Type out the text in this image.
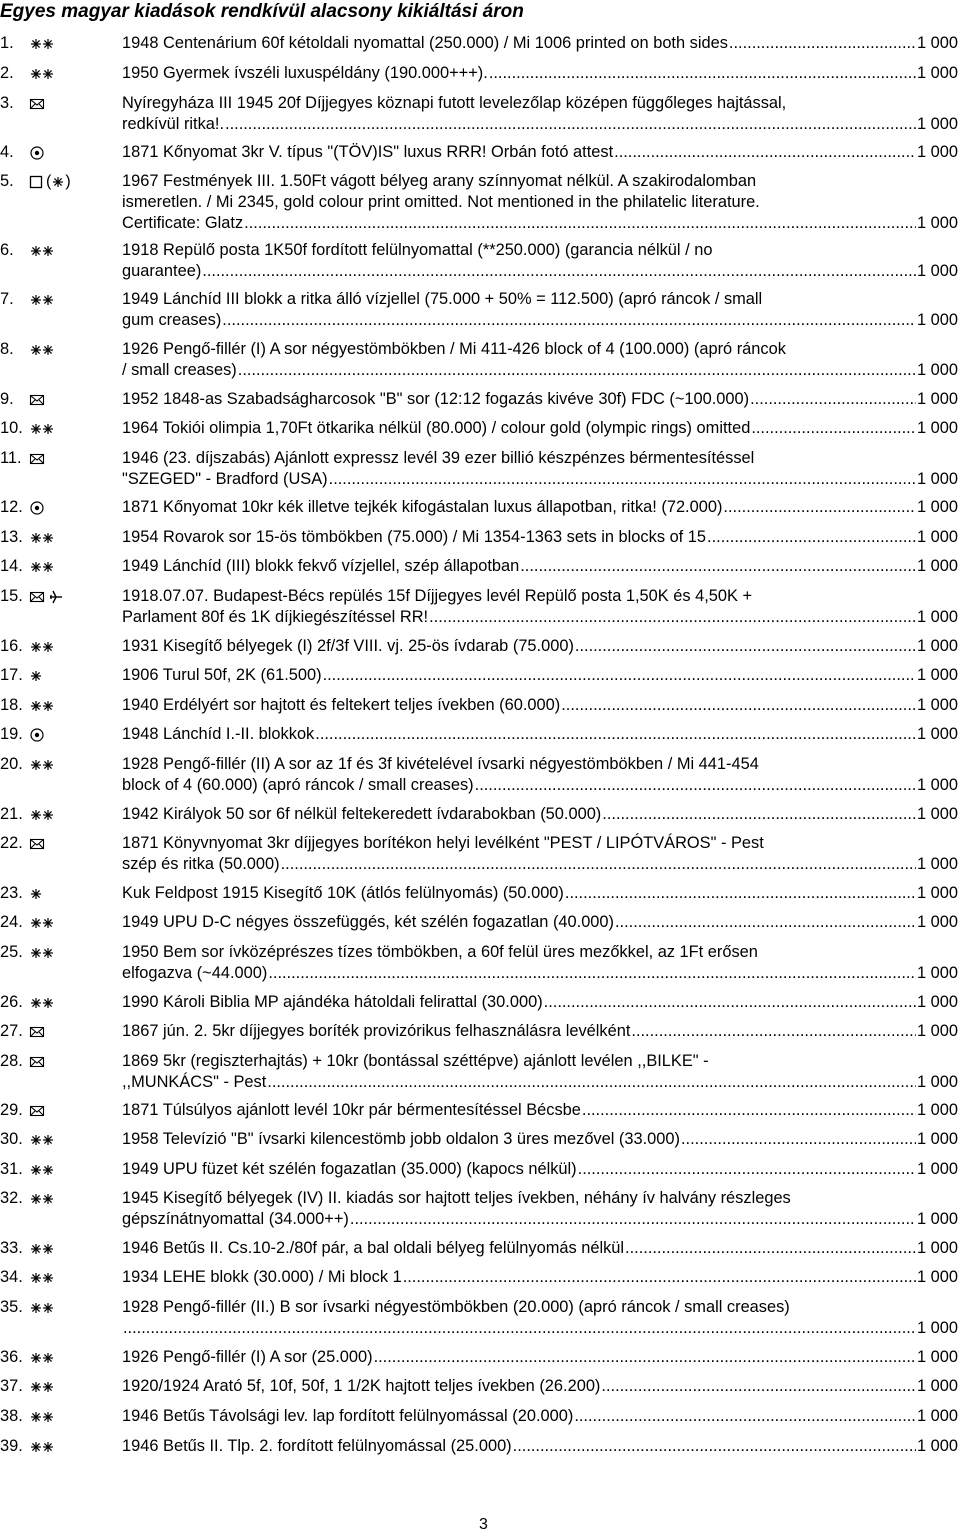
Egyes magyar kiadások rendkívül alacsony kikiáltási áron
1.	1948 Centenárium 60f kétoldali nyomattal (250.000) / Mi 1006 printed on both sides .....	1 000
2.	1950 Gyermek ívszéli luxuspéldány (190.000+++). .....	1 000
3.	Nyíregyháza III 1945 20f Díjjegyes köznapi futott levelezőlap középen függőleges hajtással,
redkívül ritka!. .....	1 000
4.	1871 Kőnyomat 3kr V. típus "(TÖV)IS" luxus RRR! Orbán fotó attest .....	1 000
5.	( )	1967 Festmények III. 1.50Ft vágott bélyeg arany színnyomat nélkül. A szakirodalomban
ismeretlen. / Mi 2345, gold colour print omitted. Not mentioned in the philatelic literature.
Certificate: Glatz .....	1 000
6.	1918 Repülő posta 1K50f fordított felülnyomattal (**250.000) (garancia nélkül / no
guarantee) .....	1 000
7.	1949 Lánchíd III blokk a ritka álló vízjellel (75.000 + 50% = 112.500) (apró ráncok / small
gum creases) .....	1 000
8.	1926 Pengő-fillér (I) A sor négyestömbökben / Mi 411-426 block of 4 (100.000) (apró ráncok
/ small creases) .....	1 000
9.	1952 1848-as Szabadságharcosok "B" sor (12:12 fogazás kivéve 30f) FDC (~100.000) .....	1 000
10.	1964 Tokiói olimpia 1,70Ft ötkarika nélkül (80.000) / colour gold (olympic rings) omitted .....	1 000
11.	1946 (23. díjszabás) Ajánlott expressz levél 39 ezer billió készpénzes bérmentesítéssel
"SZEGED" - Bradford (USA) .....	1 000
12.	1871 Kőnyomat 10kr kék illetve tejkék kifogástalan luxus állapotban, ritka! (72.000) .....	1 000
13.	1954 Rovarok sor 15-ös tömbökben (75.000) / Mi 1354-1363 sets in blocks of 15 .....	1 000
14.	1949 Lánchíd (III) blokk fekvő vízjellel, szép állapotban .....	1 000
15.	1918.07.07. Budapest-Bécs repülés 15f Díjjegyes levél Repülő posta 1,50K és 4,50K +
Parlament 80f és 1K díjkiegészítéssel RR! .....	1 000
16.	1931 Kisegítő bélyegek (I) 2f/3f VIII. vj. 25-ös ívdarab (75.000) .....	1 000
17.	1906 Turul 50f, 2K (61.500) .....	1 000
18.	1940 Erdélyért sor hajtott és feltekert teljes ívekben (60.000) .....	1 000
19.	1948 Lánchíd I.-II. blokkok .....	1 000
20.	1928 Pengő-fillér (II) A sor az 1f és 3f kivételével ívsarki négyestömbökben / Mi 441-454
block of 4 (60.000) (apró ráncok / small creases) .....	1 000
21.	1942 Királyok 50 sor 6f nélkül feltekeredett ívdarabokban (50.000) .....	1 000
22.	1871 Könyvnyomat 3kr díjjegyes borítékon helyi levélként "PEST / LIPÓTVÁROS" - Pest
szép és ritka (50.000) .....	1 000
23.	Kuk Feldpost 1915 Kisegítő 10K (átlós felülnyomás) (50.000) .....	1 000
24.	1949 UPU D-C négyes összefüggés, két szélén fogazatlan (40.000) .....	1 000
25.	1950 Bem sor ívközéprészes tízes tömbökben, a 60f felül üres mezőkkel, az 1Ft erősen
elfogazva (~44.000) .....	1 000
26.	1990 Károli Biblia MP ajándéka hátoldali felirattal (30.000) .....	1 000
27.	1867 jún. 2. 5kr díjjegyes boríték provizórikus felhasználásra levélként .....	1 000
28.	1869 5kr (regiszterhajtás) + 10kr (bontással széttépve) ajánlott levélen ,,BILKE" -
,,MUNKÁCS" - Pest .....	1 000
29.	1871 Túlsúlyos ajánlott levél 10kr pár bérmentesítéssel Bécsbe .....	1 000
30.	1958 Televízió "B" ívsarki kilencestömb jobb oldalon 3 üres mezővel (33.000) .....	1 000
31.	1949 UPU füzet két szélén fogazatlan (35.000) (kapocs nélkül) .....	1 000
32.	1945 Kisegítő bélyegek (IV) II. kiadás sor hajtott teljes ívekben, néhány ív halvány részleges
gépszínátnyomattal (34.000++) .....	1 000
33.	1946 Betűs II. Cs.10-2./80f pár, a bal oldali bélyeg felülnyomás nélkül .....	1 000
34.	1934 LEHE blokk (30.000) / Mi block 1 .....	1 000
35.	1928 Pengő-fillér (II.) B sor ívsarki négyestömbökben (20.000) (apró ráncok / small creases)
.....
1 000
36.	1926 Pengő-fillér (I) A sor (25.000) .....	1 000
37.	1920/1924 Arató 5f, 10f, 50f, 1 1/2K hajtott teljes ívekben (26.200) .....	1 000
38.	1946 Betűs Távolsági lev. lap fordított felülnyomással (20.000) .....	1 000
39.	1946 Betűs II. Tlp. 2. fordított felülnyomással (25.000) .....	1 000
3
